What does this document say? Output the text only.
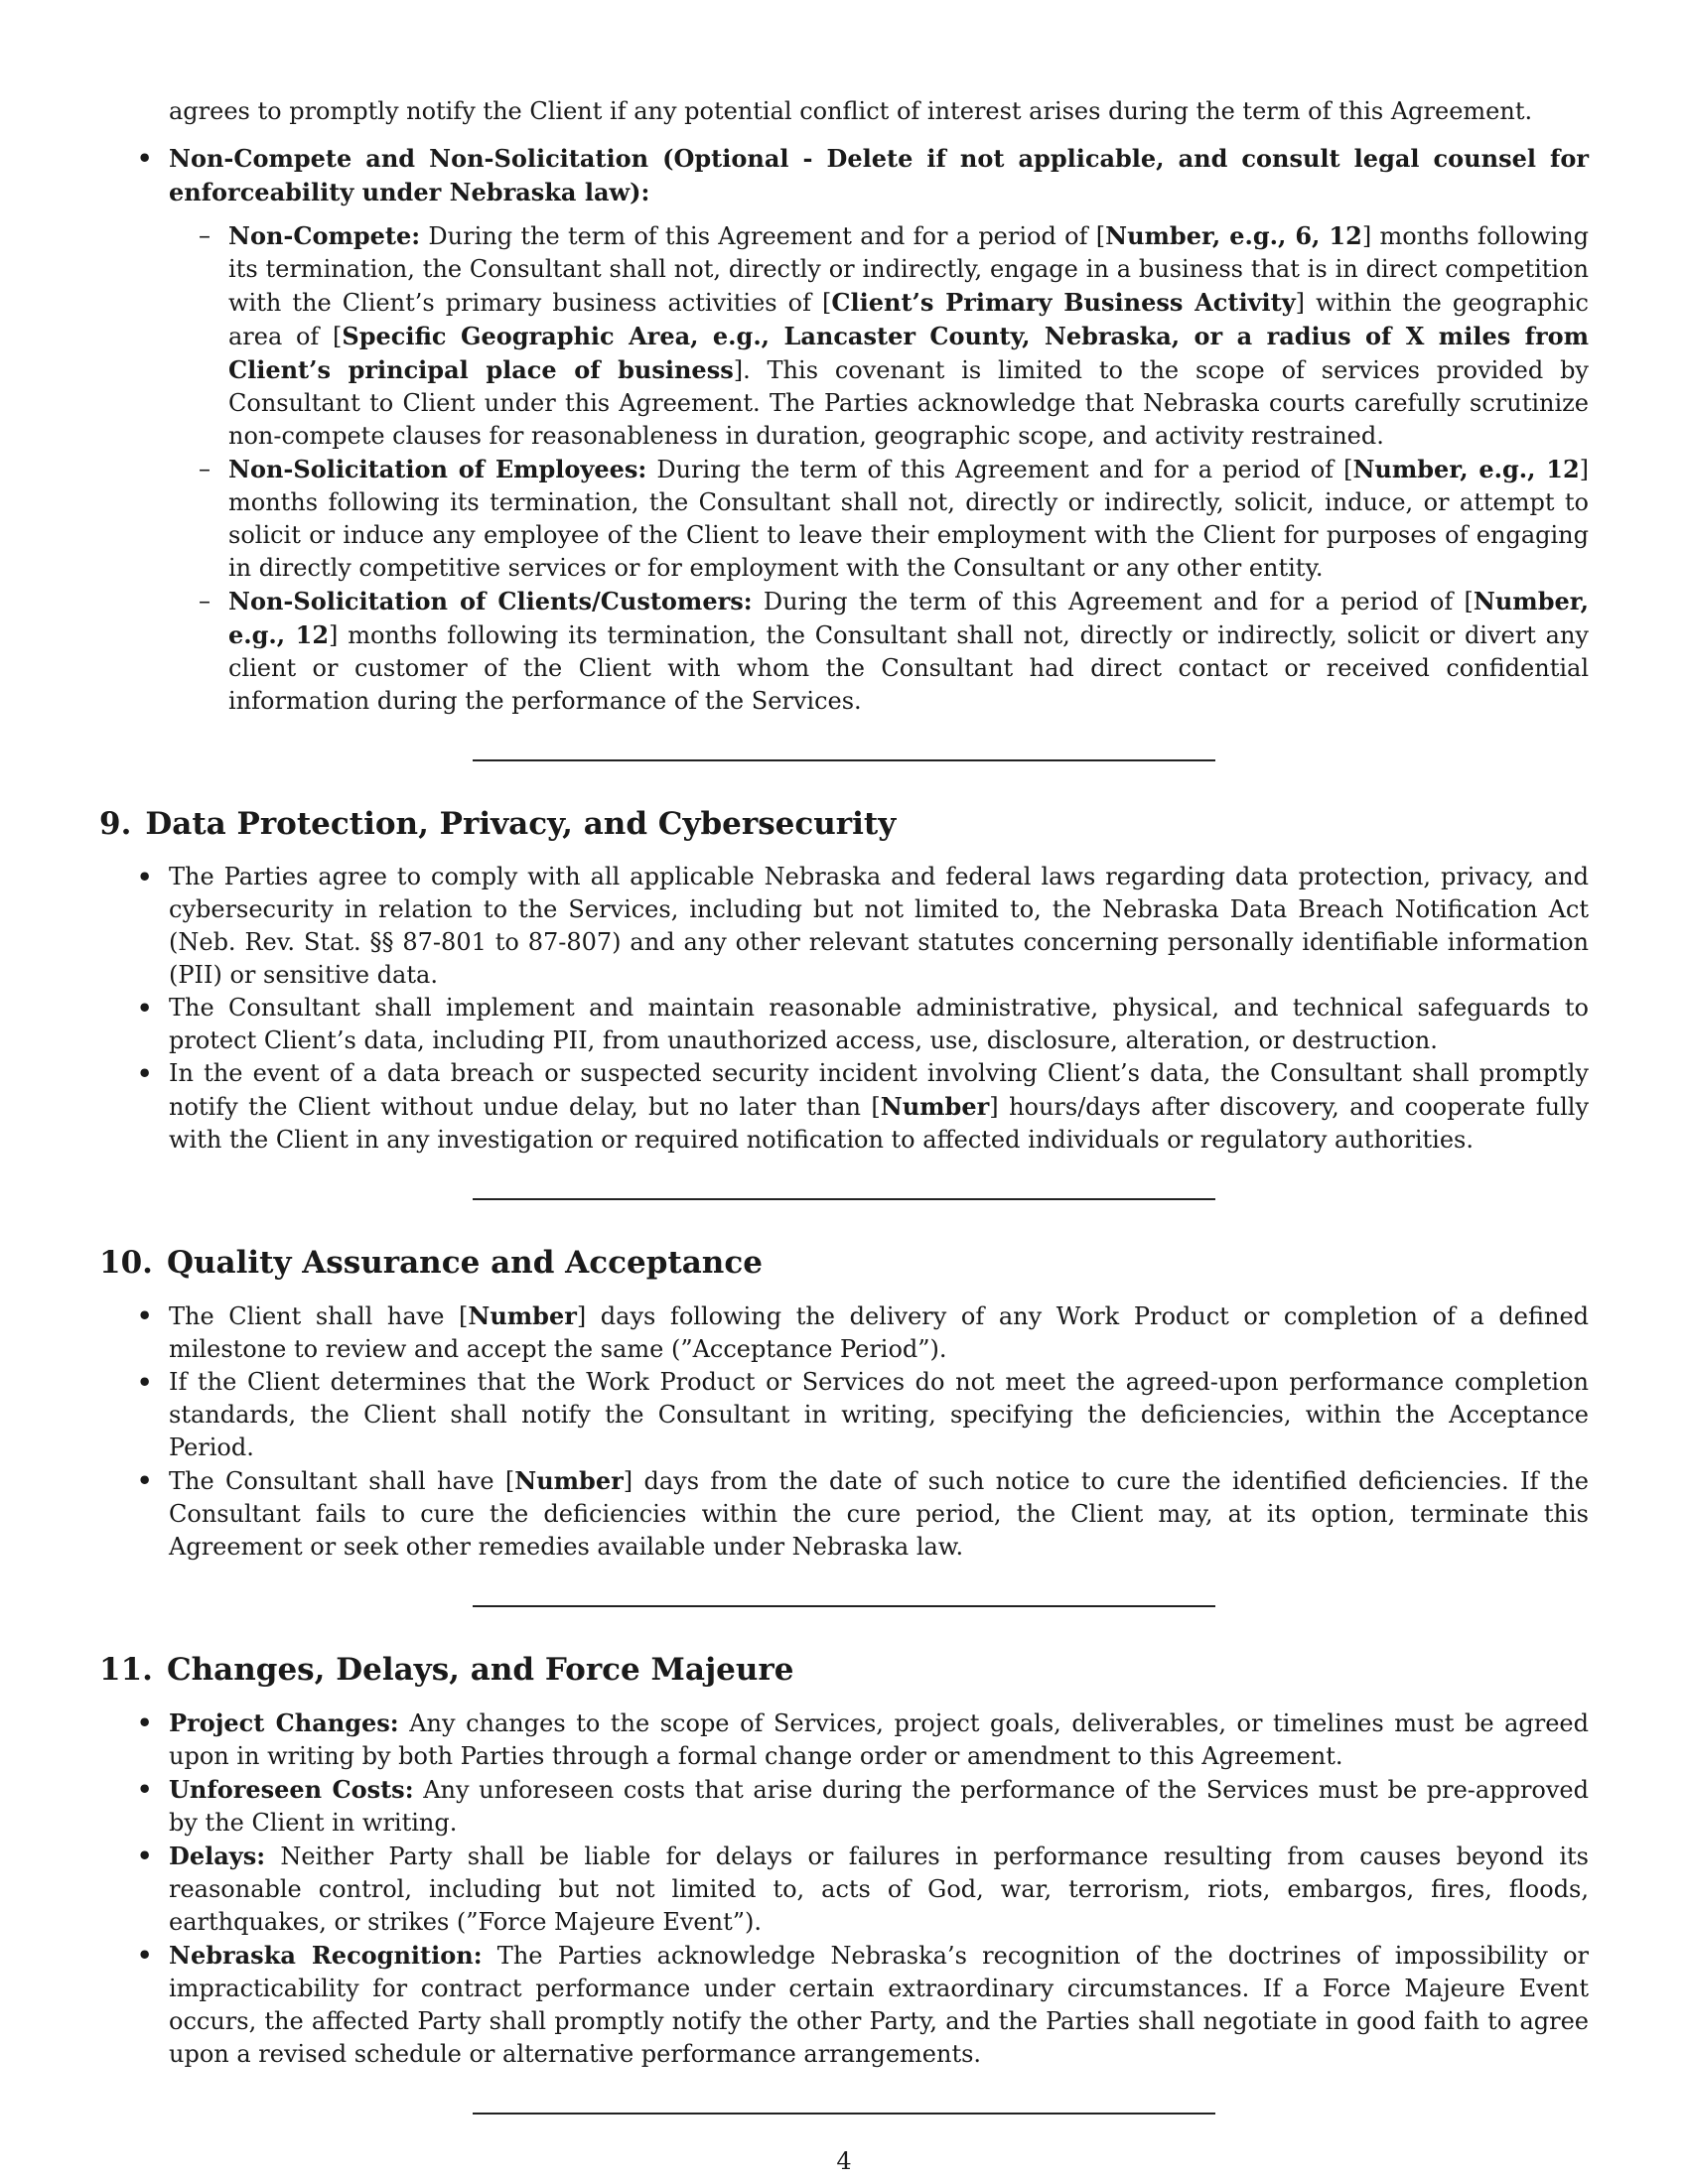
agrees to promptly notify the Client if any potential conflict of interest arises during the term of this Agreement.

• Non-Compete and Non-Solicitation (Optional - Delete if not applicable, and consult legal counsel for enforceability under Nebraska law):
– Non-Compete: During the term of this Agreement and for a period of [Number, e.g., 6, 12] months following its termination, the Consultant shall not, directly or indirectly, engage in a business that is in direct competition with the Client’s primary business activities of [Client’s Primary Business Activity] within the geographic area of [Specific Geographic Area, e.g., Lancaster County, Nebraska, or a radius of X miles from Client’s principal place of business]. This covenant is limited to the scope of services provided by Consultant to Client under this Agreement. The Parties acknowledge that Nebraska courts carefully scrutinize non-compete clauses for reasonableness in duration, geographic scope, and activity restrained.
– Non-Solicitation of Employees: During the term of this Agreement and for a period of [Number, e.g., 12] months following its termination, the Consultant shall not, directly or indirectly, solicit, induce, or attempt to solicit or induce any employee of the Client to leave their employment with the Client for purposes of engaging in directly competitive services or for employment with the Consultant or any other entity.
– Non-Solicitation of Clients/Customers: During the term of this Agreement and for a period of [Number, e.g., 12] months following its termination, the Consultant shall not, directly or indirectly, solicit or divert any client or customer of the Client with whom the Consultant had direct contact or received confidential information during the performance of the Services.
9. Data Protection, Privacy, and Cybersecurity
• The Parties agree to comply with all applicable Nebraska and federal laws regarding data protection, privacy, and cybersecurity in relation to the Services, including but not limited to, the Nebraska Data Breach Notification Act (Neb. Rev. Stat. §§ 87-801 to 87-807) and any other relevant statutes concerning personally identifiable information (PII) or sensitive data.
• The Consultant shall implement and maintain reasonable administrative, physical, and technical safeguards to protect Client’s data, including PII, from unauthorized access, use, disclosure, alteration, or destruction.
• In the event of a data breach or suspected security incident involving Client’s data, the Consultant shall promptly notify the Client without undue delay, but no later than [Number] hours/days after discovery, and cooperate fully with the Client in any investigation or required notification to affected individuals or regulatory authorities.
10. Quality Assurance and Acceptance
• The Client shall have [Number] days following the delivery of any Work Product or completion of a defined milestone to review and accept the same (”Acceptance Period”).
• If the Client determines that the Work Product or Services do not meet the agreed-upon performance completion standards, the Client shall notify the Consultant in writing, specifying the deficiencies, within the Acceptance Period.
• The Consultant shall have [Number] days from the date of such notice to cure the identified deficiencies. If the Consultant fails to cure the deficiencies within the cure period, the Client may, at its option, terminate this Agreement or seek other remedies available under Nebraska law.
11. Changes, Delays, and Force Majeure
• Project Changes: Any changes to the scope of Services, project goals, deliverables, or timelines must be agreed upon in writing by both Parties through a formal change order or amendment to this Agreement.
• Unforeseen Costs: Any unforeseen costs that arise during the performance of the Services must be pre-approved by the Client in writing.
• Delays: Neither Party shall be liable for delays or failures in performance resulting from causes beyond its reasonable control, including but not limited to, acts of God, war, terrorism, riots, embargos, fires, floods, earthquakes, or strikes (”Force Majeure Event”).
• Nebraska Recognition: The Parties acknowledge Nebraska’s recognition of the doctrines of impossibility or impracticability for contract performance under certain extraordinary circumstances. If a Force Majeure Event occurs, the affected Party shall promptly notify the other Party, and the Parties shall negotiate in good faith to agree upon a revised schedule or alternative performance arrangements.
4
